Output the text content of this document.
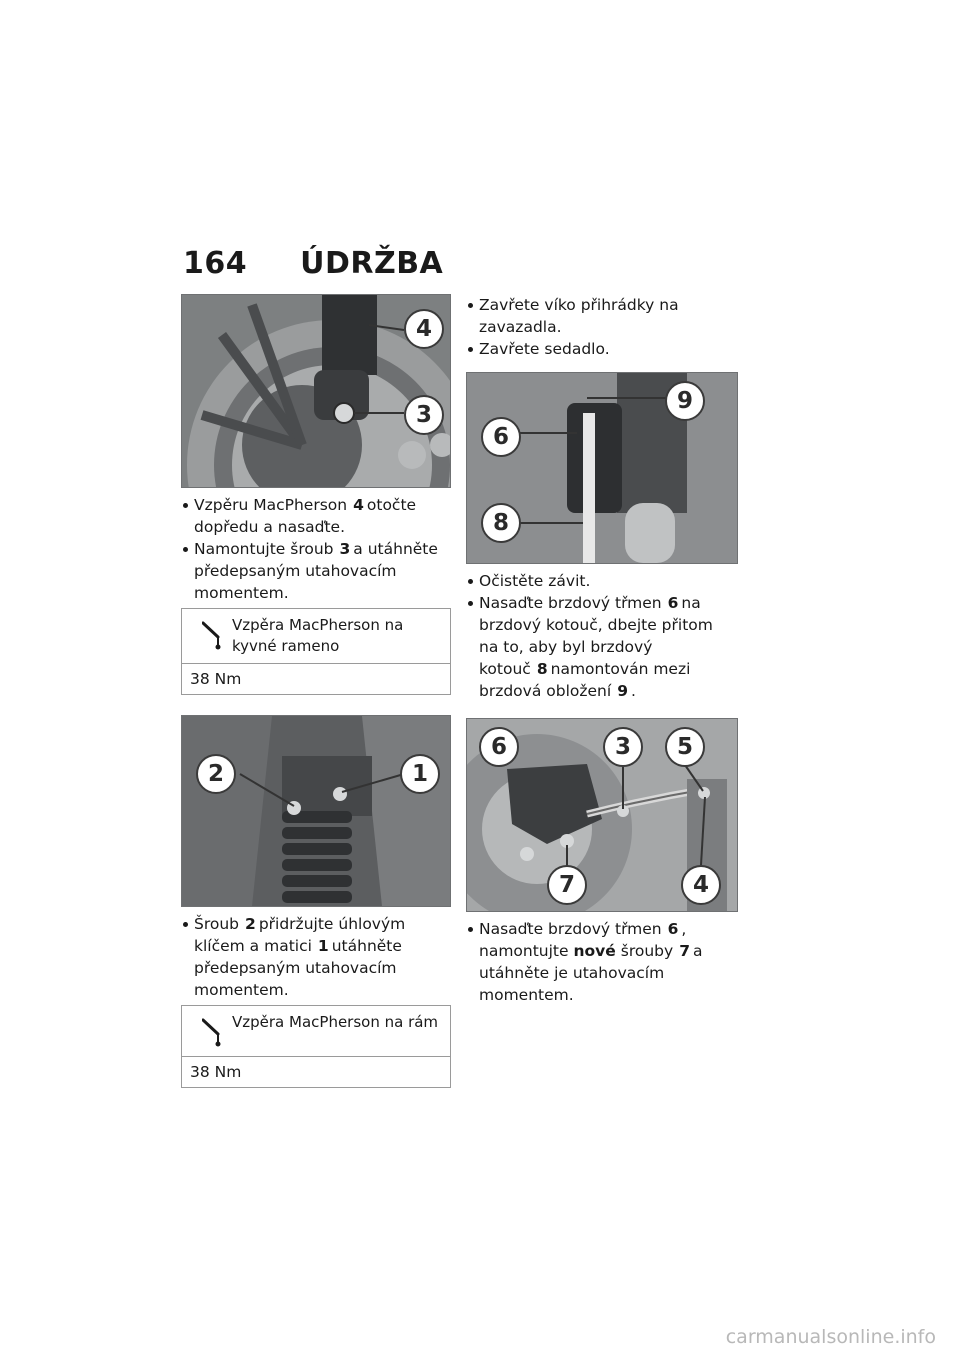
164 ÚDRŽBA
4
3
Vzpěru MacPherson 4 otočte dopředu a nasaďte.
Namontujte šroub 3 a utáhněte předepsaným utahovacím momentem.
Vzpěra MacPherson na kyvné rameno
38 Nm
2	1
Šroub 2 přidržujte úhlovým klíčem a matici 1 utáhněte předepsaným utahovacím momentem.
Vzpěra MacPherson na rám
38 Nm
Zavřete víko přihrádky na zavazadla.
Zavřete sedadlo.
9
6
8
Očistěte závit.
Nasaďte brzdový třmen 6 na brzdový kotouč, dbejte přitom na to, aby byl brzdový kotouč 8 namontován mezi brzdová obložení 9 .
6	3	5
7	4
Nasaďte brzdový třmen 6 , namontujte nové šrouby 7 a utáhněte je utahovacím momentem.
carmanualsonline.info
